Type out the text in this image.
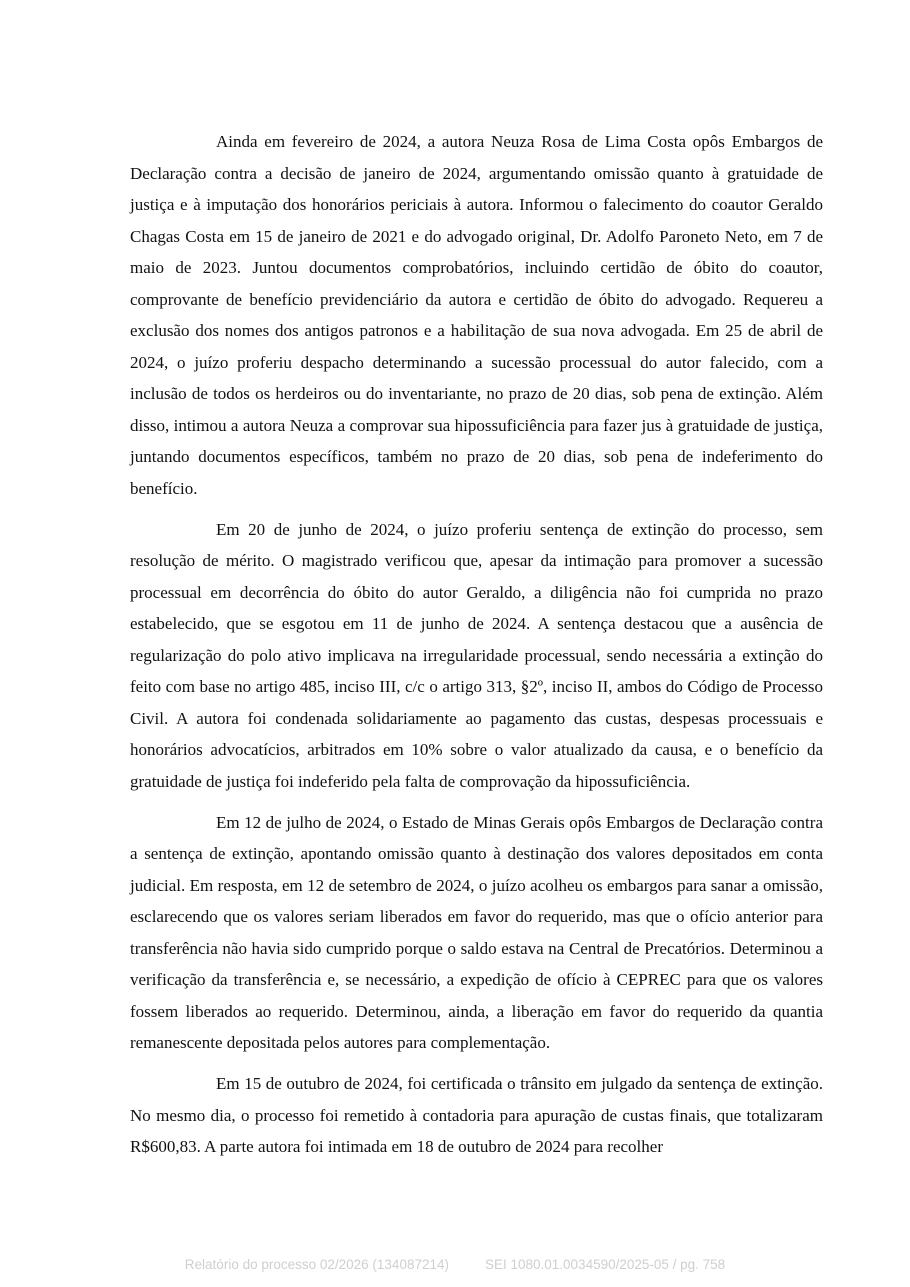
Ainda em fevereiro de 2024, a autora Neuza Rosa de Lima Costa opôs Embargos de Declaração contra a decisão de janeiro de 2024, argumentando omissão quanto à gratuidade de justiça e à imputação dos honorários periciais à autora. Informou o falecimento do coautor Geraldo Chagas Costa em 15 de janeiro de 2021 e do advogado original, Dr. Adolfo Paroneto Neto, em 7 de maio de 2023. Juntou documentos comprobatórios, incluindo certidão de óbito do coautor, comprovante de benefício previdenciário da autora e certidão de óbito do advogado. Requereu a exclusão dos nomes dos antigos patronos e a habilitação de sua nova advogada. Em 25 de abril de 2024, o juízo proferiu despacho determinando a sucessão processual do autor falecido, com a inclusão de todos os herdeiros ou do inventariante, no prazo de 20 dias, sob pena de extinção. Além disso, intimou a autora Neuza a comprovar sua hipossuficiência para fazer jus à gratuidade de justiça, juntando documentos específicos, também no prazo de 20 dias, sob pena de indeferimento do benefício.

Em 20 de junho de 2024, o juízo proferiu sentença de extinção do processo, sem resolução de mérito. O magistrado verificou que, apesar da intimação para promover a sucessão processual em decorrência do óbito do autor Geraldo, a diligência não foi cumprida no prazo estabelecido, que se esgotou em 11 de junho de 2024. A sentença destacou que a ausência de regularização do polo ativo implicava na irregularidade processual, sendo necessária a extinção do feito com base no artigo 485, inciso III, c/c o artigo 313, §2º, inciso II, ambos do Código de Processo Civil. A autora foi condenada solidariamente ao pagamento das custas, despesas processuais e honorários advocatícios, arbitrados em 10% sobre o valor atualizado da causa, e o benefício da gratuidade de justiça foi indeferido pela falta de comprovação da hipossuficiência.

Em 12 de julho de 2024, o Estado de Minas Gerais opôs Embargos de Declaração contra a sentença de extinção, apontando omissão quanto à destinação dos valores depositados em conta judicial. Em resposta, em 12 de setembro de 2024, o juízo acolheu os embargos para sanar a omissão, esclarecendo que os valores seriam liberados em favor do requerido, mas que o ofício anterior para transferência não havia sido cumprido porque o saldo estava na Central de Precatórios. Determinou a verificação da transferência e, se necessário, a expedição de ofício à CEPREC para que os valores fossem liberados ao requerido. Determinou, ainda, a liberação em favor do requerido da quantia remanescente depositada pelos autores para complementação.

Em 15 de outubro de 2024, foi certificada o trânsito em julgado da sentença de extinção. No mesmo dia, o processo foi remetido à contadoria para apuração de custas finais, que totalizaram R$600,83. A parte autora foi intimada em 18 de outubro de 2024 para recolher

Relatório do processo 02/2026 (134087214)	SEI 1080.01.0034590/2025-05 / pg. 758
